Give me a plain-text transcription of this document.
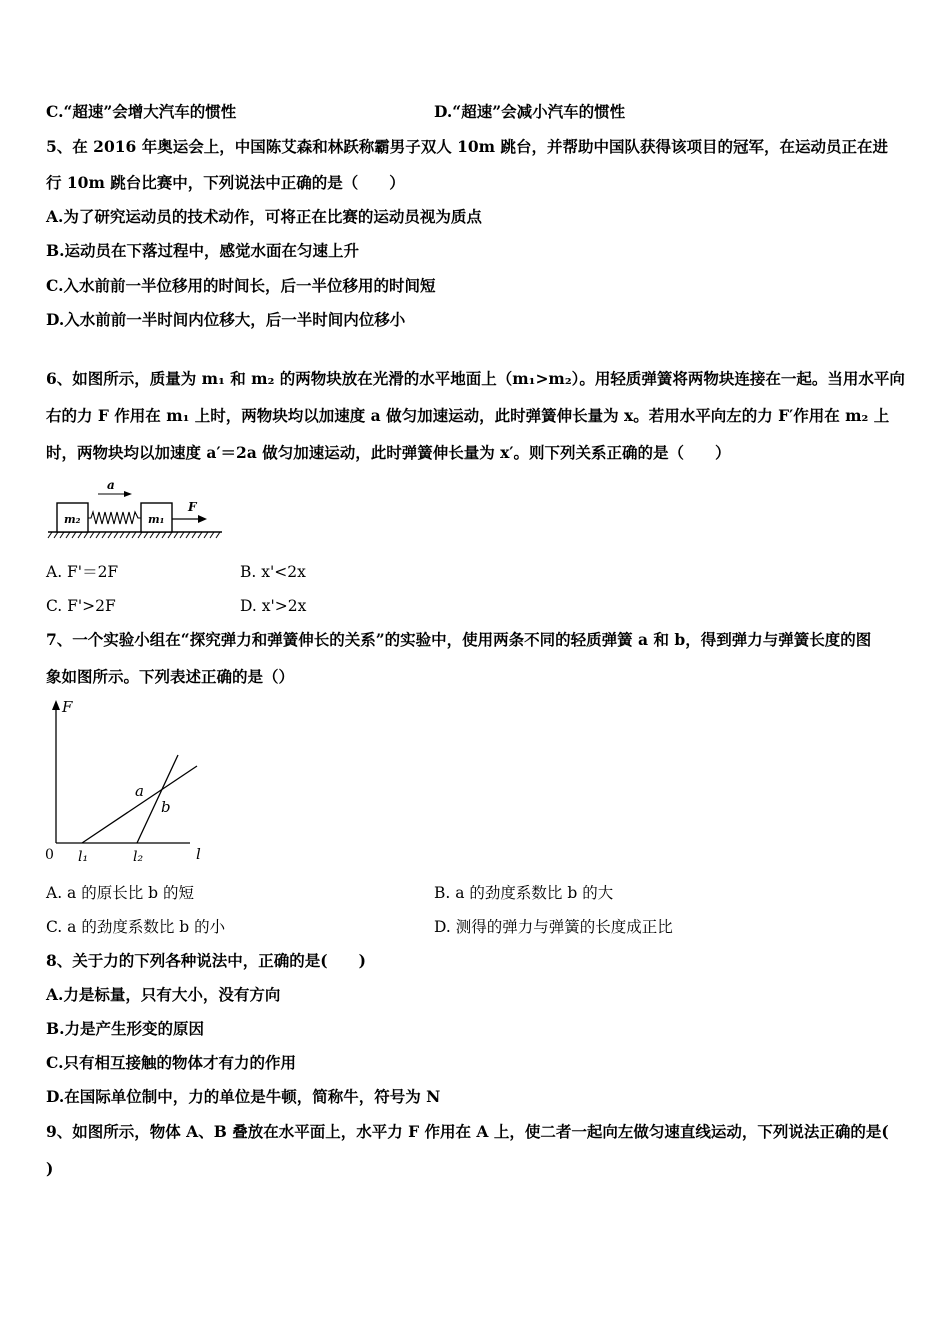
C.“超速”会增大汽车的惯性	D.“超速”会减小汽车的惯性
5、在 2016 年奥运会上，中国陈艾森和林跃称霸男子双人 10m 跳台，并帮助中国队获得该项目的冠军，在运动员正在进
行 10m 跳台比赛中，下列说法中正确的是（　　）
A.为了研究运动员的技术动作，可将正在比赛的运动员视为质点
B.运动员在下落过程中，感觉水面在匀速上升
C.入水前前一半位移用的时间长，后一半位移用的时间短
D.入水前前一半时间内位移大，后一半时间内位移小
6、如图所示，质量为 m₁ 和 m₂ 的两物块放在光滑的水平地面上（m₁>m₂）。用轻质弹簧将两物块连接在一起。当用水平向
右的力 F 作用在 m₁ 上时，两物块均以加速度 a 做匀加速运动，此时弹簧伸长量为 x。若用水平向左的力 F′作用在 m₂ 上
时，两物块均以加速度 a′＝2a 做匀加速运动，此时弹簧伸长量为 x′。则下列关系正确的是（　　）
m₂	m₁
F
a
A. F'＝2F	B. x'<2x
C. F'>2F	D. x'>2x
7、一个实验小组在“探究弹力和弹簧伸长的关系”的实验中，使用两条不同的轻质弹簧 a 和 b，得到弹力与弹簧长度的图
象如图所示。下列表述正确的是（）
F
l
0
a
b
l₁	l₂
A. a 的原长比 b 的短	B. a 的劲度系数比 b 的大
C. a 的劲度系数比 b 的小	D. 测得的弹力与弹簧的长度成正比
8、关于力的下列各种说法中，正确的是(　　)
A.力是标量，只有大小，没有方向
B.力是产生形变的原因
C.只有相互接触的物体才有力的作用
D.在国际单位制中，力的单位是牛顿，简称牛，符号为 N
9、如图所示，物体 A、B 叠放在水平面上，水平力 F 作用在 A 上，使二者一起向左做匀速直线运动，下列说法正确的是(
)
